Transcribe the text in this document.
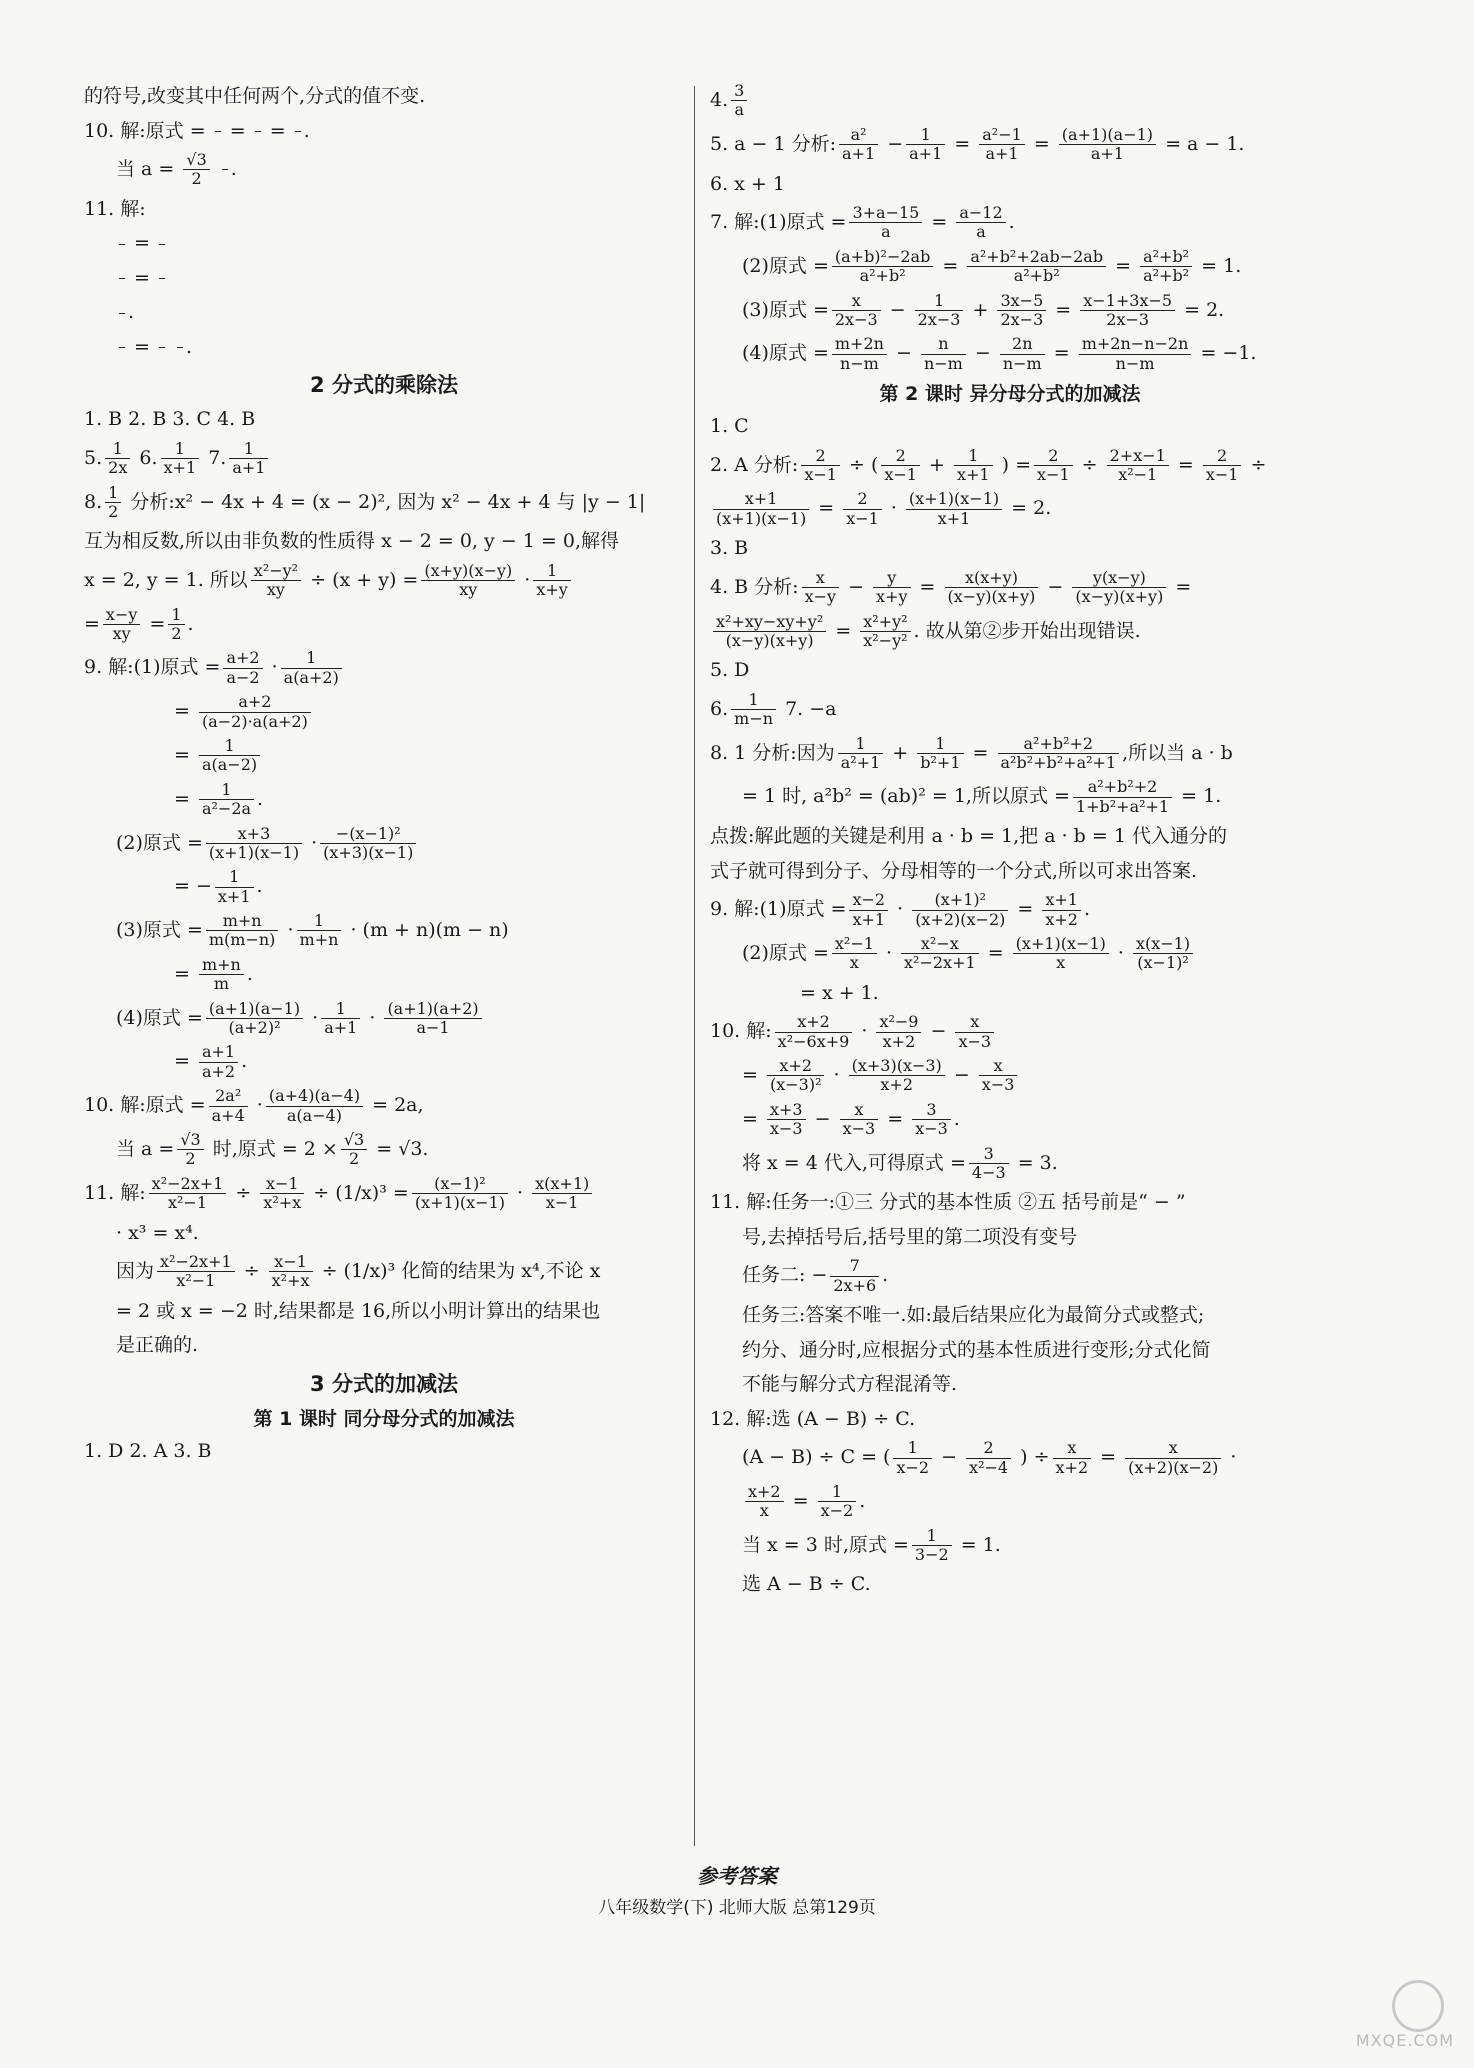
的符号,改变其中任何两个,分式的值不变.
10. 解:原式 =
=
=
.
当 $a = \frac{√3}{2}$
.
11. 解:
=
=
.
=

.
2 分式的乘除法
1. B 2. B 3. C 4. B
5. $\frac{1}{2x} 6$. $\frac{1}{x+1} 7$. $\frac{1}{a+1}$
8. $\frac{1}{2}$ 分析:x² − 4x + 4 = (x − 2)², 因为 x² − 4x + 4 与 |y − 1|
互为相反数,所以由非负数的性质得 x − 2 = 0, y − 1 = 0,解得
x = 2, y = 1. 所以 $\frac{\text{x²−y²}}{xy} \div (x + y) = \frac{(x+y)(x-y)}{xy} \cdot \frac{1}{x+y}$
= $\frac{x-y}{xy} = \frac{1}{2}$ .
9. 解:(1)原式 = $\frac{a+2}{a-2} \cdot \frac{1}{a(a+2)}$
= $\frac{a+2}{(a-2)\cdot a(a+2)}$
= $\frac{1}{a(a-2)}$
= $\frac{1}{\text{a²−2a}}$ .
(2)原式 = $\frac{x+3}{(x+1)(x-1)} \cdot \frac{\text{−(x−1)²}}{(x+3)(x-1)}$
= − $\frac{1}{x+1}$ .
(3)原式 = $\frac{m+n}{m(m-n)} \cdot \frac{1}{m+n} \cdot (m + n)(m - n)$
= $\frac{m+n}{m}$ .
(4)原式 = $\frac{(a+1)(a-1)}{\text{(a+2)²}} \cdot \frac{1}{a+1} \cdot \frac{(a+1)(a+2)}{a-1}$
= $\frac{a+1}{a+2}$ .
10. 解:原式 = $\frac{\text{2a²}}{a+4} \cdot \frac{(a+4)(a-4)}{a(a-4)} = 2a$,
当 $a = \frac{√3}{2}$ 时,原式 = $2 \times \frac{√3}{2} = √3$.
11. 解: $\frac{\text{x²−2x+1}}{\text{x²−1}} \div \frac{x-1}{\text{x²+x}} \div (1/x)^3 = \frac{\text{(x−1)²}}{(x+1)(x-1)} \cdot \frac{x(x+1)}{x-1}$
· x³ = x⁴.
因为 $\frac{\text{x²−2x+1}}{\text{x²−1}} \div \frac{x-1}{\text{x²+x}} \div (1/x)^3$ 化简的结果为 x⁴,不论 x
= 2 或 x = −2 时,结果都是 16,所以小明计算出的结果也
是正确的.
3 分式的加减法
第 1 课时 同分母分式的加减法
1. D 2. A 3. B
4. $\frac{3}{a}$
5. a − 1 分析: $\frac{\text{a²}}{a+1} - \frac{1}{a+1} = \frac{\text{a²−1}}{a+1} = \frac{(a+1)(a-1)}{a+1} = a - 1$.
6. x + 1
7. 解:(1)原式 = $\frac{3+a-15}{a} = \frac{a-12}{a}$ .
(2)原式 = $\frac{\text{(a+b)²−2ab}}{\text{a²+b²}} = \frac{\text{a²+b²+2ab−2ab}}{\text{a²+b²}} = \frac{\text{a²+b²}}{\text{a²+b²}} = 1$.
(3)原式 = $\frac{x}{2x-3} - \frac{1}{2x-3} + \frac{3x-5}{2x-3} = \frac{x-1+3x-5}{2x-3} = 2$.
(4)原式 = $\frac{m+2n}{n-m} - \frac{n}{n-m} - \frac{2n}{n-m} = \frac{m+2n-n-2n}{n-m} = -1$.
第 2 课时 异分母分式的加减法
1. C
2. A 分析: $\frac{2}{x-1}$ ÷ ( $\frac{2}{x-1} + \frac{1}{x+1}$ ) = $\frac{2}{x-1} \div \frac{2+x-1}{\text{x²−1}} = \frac{2}{x-1}$ ÷
$\frac{x+1}{(x+1)(x-1)} = \frac{2}{x-1} \cdot \frac{(x+1)(x-1)}{x+1} = 2$.
3. B
4. B 分析: $\frac{x}{x-y} - \frac{y}{x+y} = \frac{x(x+y)}{(x-y)(x+y)} - \frac{y(x-y)}{(x-y)(x+y)}$ =
$\frac{\text{x²+xy−xy+y²}}{(x-y)(x+y)} = \frac{\text{x²+y²}}{\text{x²−y²}}$ . 故从第②步开始出现错误.
5. D
6. $\frac{1}{m-n} 7$. −a
8. 1 分析:因为 $\frac{1}{\text{a²+1}} + \frac{1}{\text{b²+1}} = \frac{\text{a²+b²+2}}{\text{a²b²+b²+a²+1}}$ ,所以当 a · b
= 1 时, a²b² = (ab)² = 1,所以原式 = $\frac{\text{a²+b²+2}}{\text{1+b²+a²+1}} = 1$.
点拨:解此题的关键是利用 a · b = 1,把 a · b = 1 代入通分的
式子就可得到分子、分母相等的一个分式,所以可求出答案.
9. 解:(1)原式 = $\frac{x-2}{x+1} \cdot \frac{\text{(x+1)²}}{(x+2)(x-2)} = \frac{x+1}{x+2}$ .
(2)原式 = $\frac{\text{x²−1}}{x} \cdot \frac{\text{x²−x}}{\text{x²−2x+1}} = \frac{(x+1)(x-1)}{x} \cdot \frac{x(x-1)}{\text{(x−1)²}}$
= x + 1.
10. 解: $\frac{x+2}{\text{x²−6x+9}} \cdot \frac{\text{x²−9}}{x+2} - \frac{x}{x-3}$
= $\frac{x+2}{\text{(x−3)²}} \cdot \frac{(x+3)(x-3)}{x+2} - \frac{x}{x-3}$
= $\frac{x+3}{x-3} - \frac{x}{x-3} = \frac{3}{x-3}$ .
将 x = 4 代入,可得原式 = $\frac{3}{4-3} = 3$.
11. 解:任务一:①三 分式的基本性质 ②五 括号前是“ − ”
号,去掉括号后,括号里的第二项没有变号
任务二: − $\frac{7}{2x+6}$ .
任务三:答案不唯一.如:最后结果应化为最简分式或整式;
约分、通分时,应根据分式的基本性质进行变形;分式化简
不能与解分式方程混淆等.
12. 解:选 (A − B) ÷ C.
(A − B) ÷ C = ( $\frac{1}{x-2} - \frac{2}{\text{x²−4}}$ ) ÷ $\frac{x}{x+2} = \frac{x}{(x+2)(x-2)}$ ·
$\frac{x+2}{x} = \frac{1}{x-2}$ .
当 x = 3 时,原式 = $\frac{1}{3-2} = 1$.
选 A − B ÷ C.
参考答案
八年级数学(下) 北师大版 总第129页
MXQE.COM
